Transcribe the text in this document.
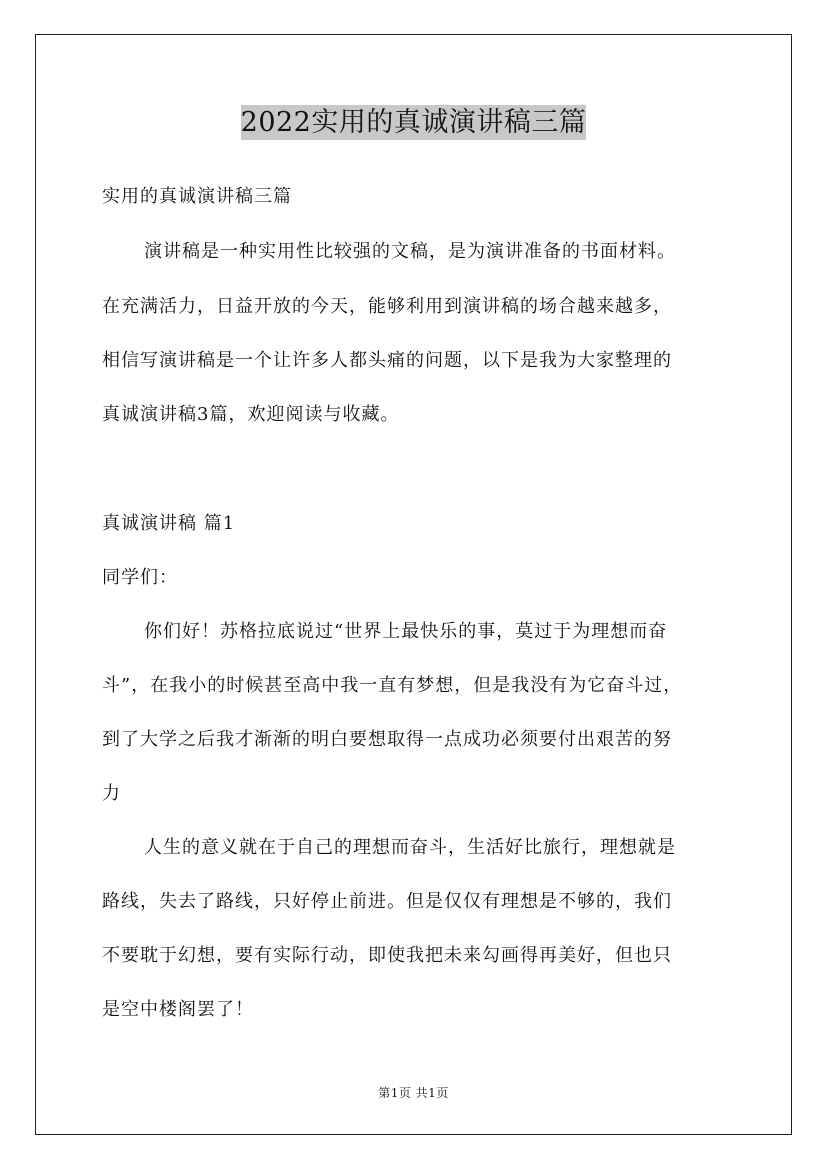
2022实用的真诚演讲稿三篇
实用的真诚演讲稿三篇
演讲稿是一种实用性比较强的文稿，是为演讲准备的书面材料。
在充满活力，日益开放的今天，能够利用到演讲稿的场合越来越多，
相信写演讲稿是一个让许多人都头痛的问题，以下是我为大家整理的
真诚演讲稿3篇，欢迎阅读与收藏。
真诚演讲稿 篇1
同学们：
你们好！苏格拉底说过“世界上最快乐的事，莫过于为理想而奋
斗”，在我小的时候甚至高中我一直有梦想，但是我没有为它奋斗过，
到了大学之后我才渐渐的明白要想取得一点成功必须要付出艰苦的努
力
人生的意义就在于自己的理想而奋斗，生活好比旅行，理想就是
路线，失去了路线，只好停止前进。但是仅仅有理想是不够的，我们
不要耽于幻想，要有实际行动，即使我把未来勾画得再美好，但也只
是空中楼阁罢了！
第1页 共1页
